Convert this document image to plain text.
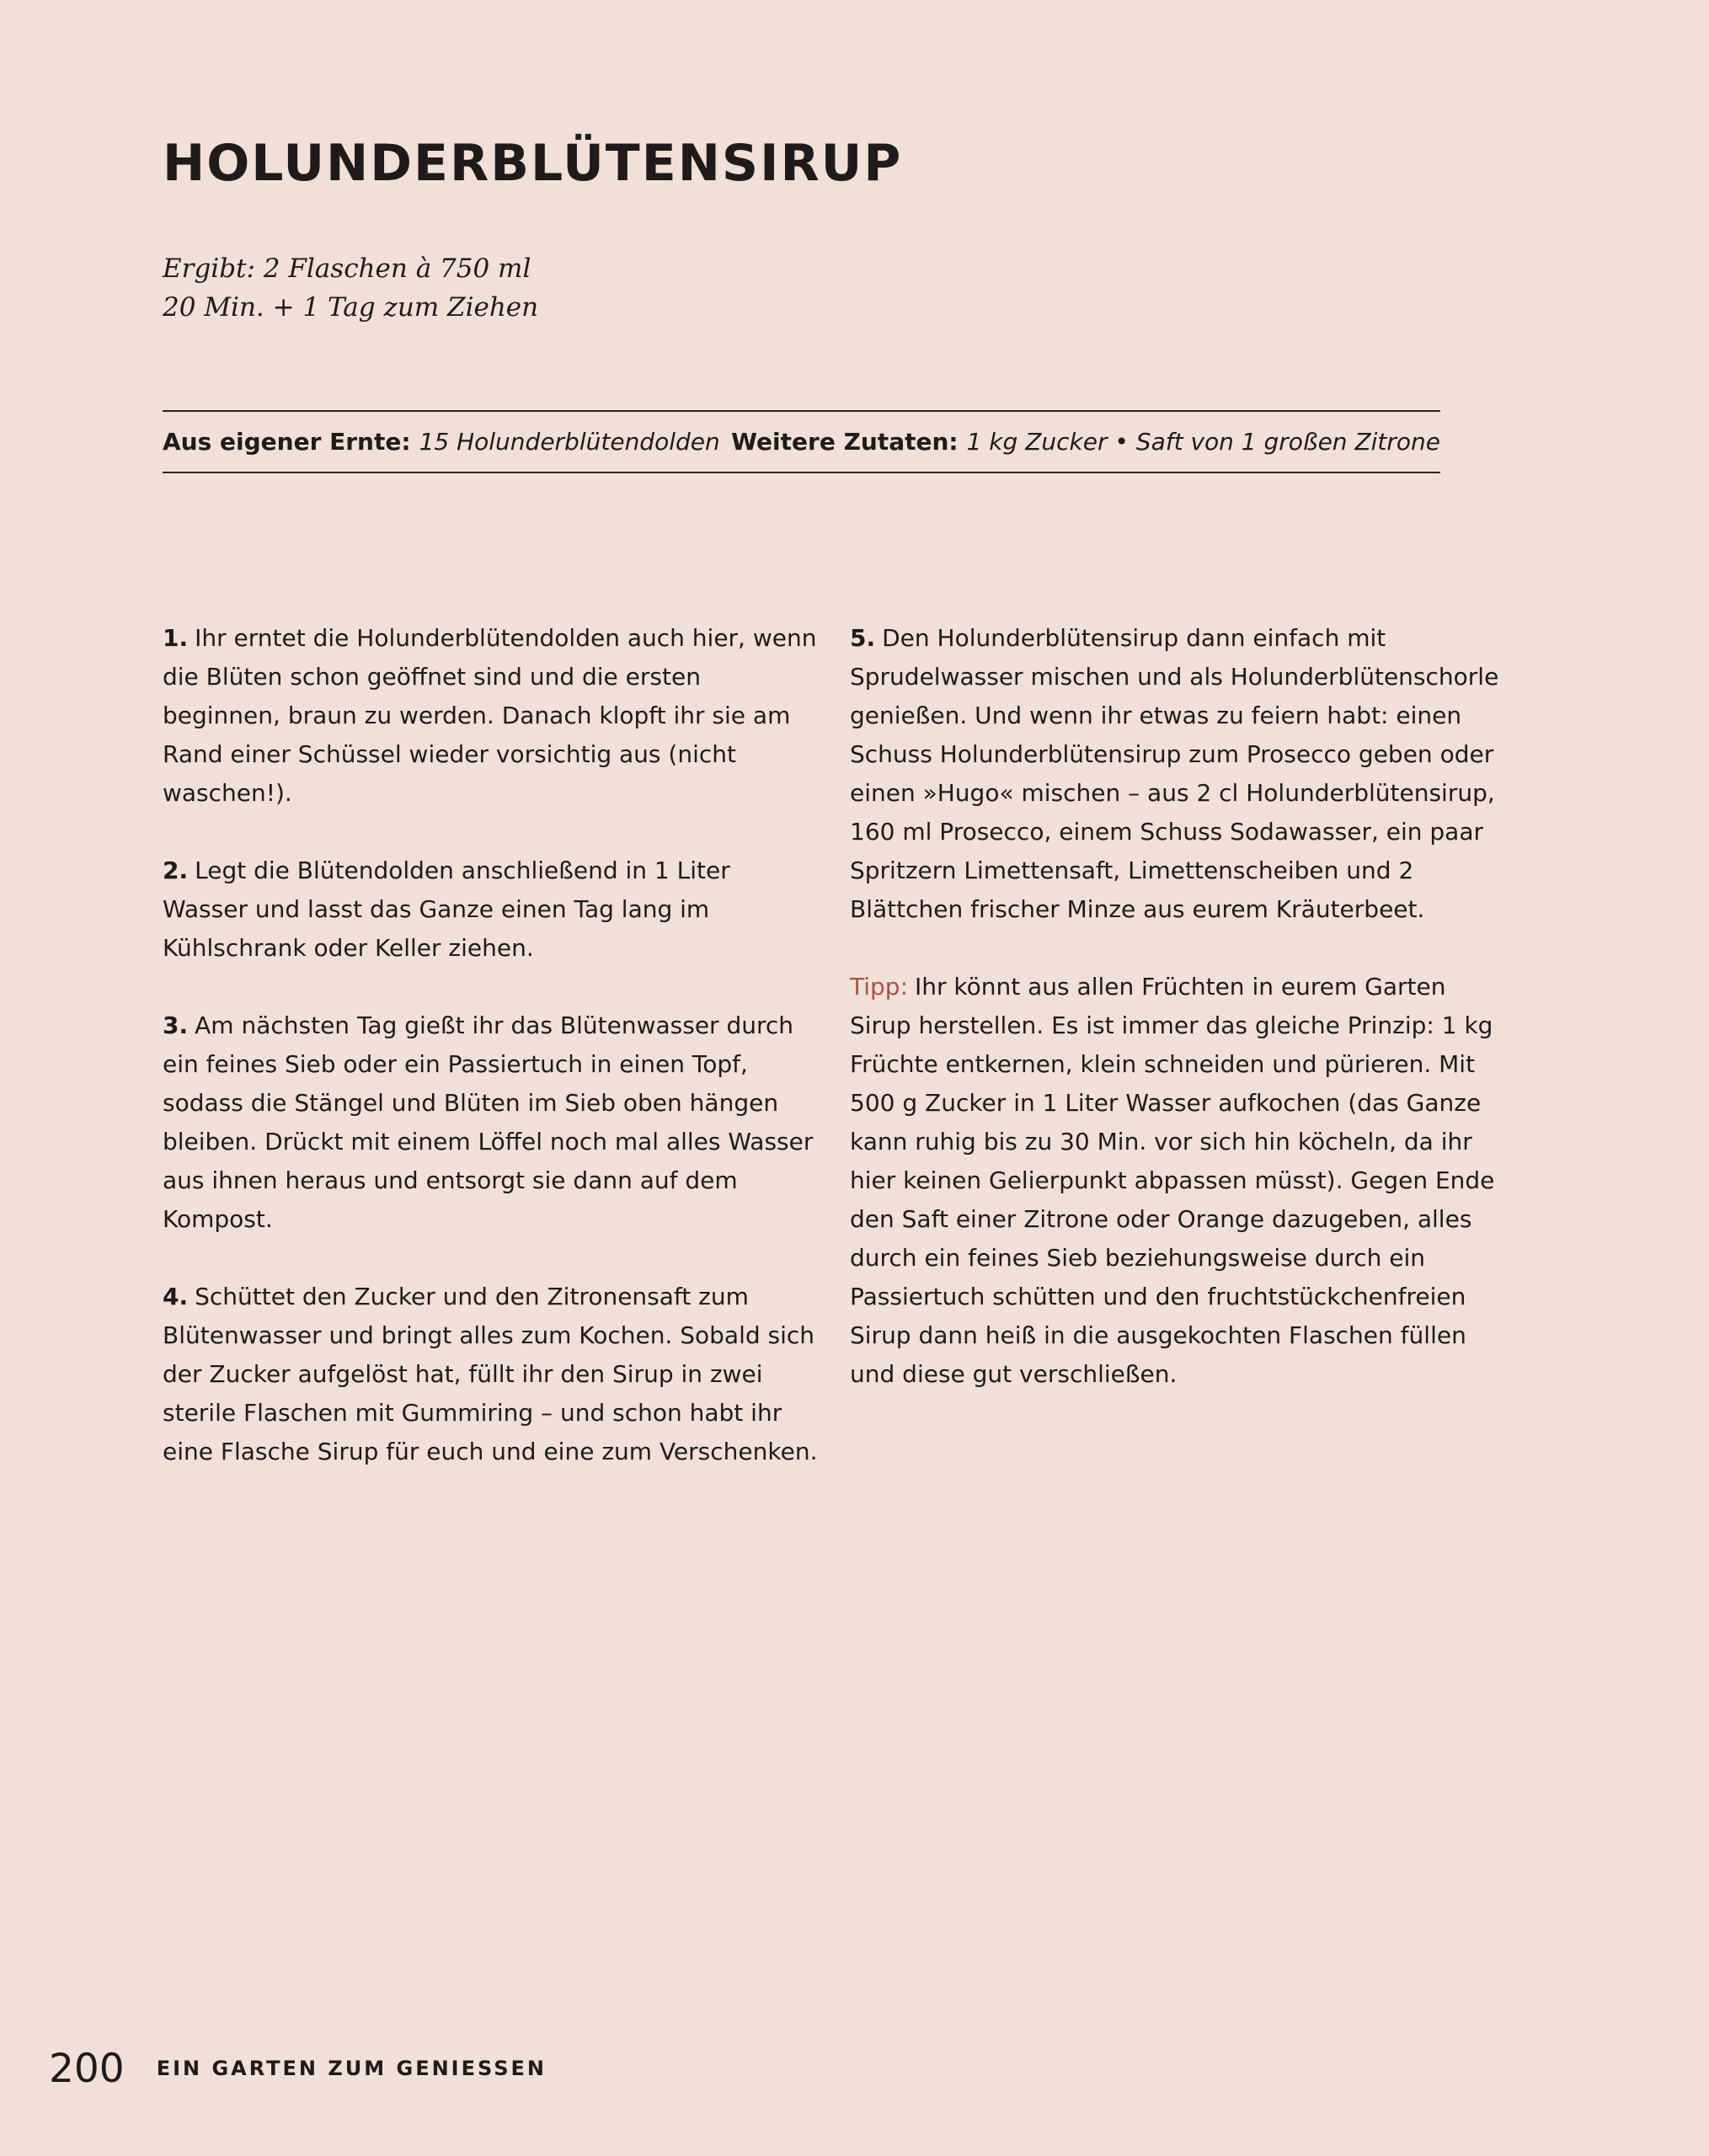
HOLUNDERBLÜTENSIRUP
Ergibt: 2 Flaschen à 750 ml
20 Min. + 1 Tag zum Ziehen
Aus eigener Ernte: 15 Holunderblütendolden Weitere Zutaten: 1 kg Zucker • Saft von 1 großen Zitrone

1. Ihr erntet die Holunderblütendolden auch hier, wenn die Blüten schon geöffnet sind und die ersten beginnen, braun zu werden. Danach klopft ihr sie am Rand einer Schüssel wieder vorsichtig aus (nicht waschen!).

2. Legt die Blütendolden anschließend in 1 Liter Wasser und lasst das Ganze einen Tag lang im Kühlschrank oder Keller ziehen.

3. Am nächsten Tag gießt ihr das Blütenwasser durch ein feines Sieb oder ein Passiertuch in einen Topf, sodass die Stängel und Blüten im Sieb oben hängen bleiben. Drückt mit einem Löffel noch mal alles Wasser aus ihnen heraus und entsorgt sie dann auf dem Kompost.

4. Schüttet den Zucker und den Zitronensaft zum Blütenwasser und bringt alles zum Kochen. Sobald sich der Zucker aufgelöst hat, füllt ihr den Sirup in zwei sterile Flaschen mit Gummiring – und schon habt ihr eine Flasche Sirup für euch und eine zum Verschenken.

5. Den Holunderblütensirup dann einfach mit Sprudelwasser mischen und als Holunderblütenschorle genießen. Und wenn ihr etwas zu feiern habt: einen Schuss Holunderblütensirup zum Prosecco geben oder einen »Hugo« mischen – aus 2 cl Holunderblütensirup, 160 ml Prosecco, einem Schuss Sodawasser, ein paar Spritzern Limettensaft, Limettenscheiben und 2 Blättchen frischer Minze aus eurem Kräuterbeet.

Tipp: Ihr könnt aus allen Früchten in eurem Garten Sirup herstellen. Es ist immer das gleiche Prinzip: 1 kg Früchte entkernen, klein schneiden und pürieren. Mit 500 g Zucker in 1 Liter Wasser aufkochen (das Ganze kann ruhig bis zu 30 Min. vor sich hin köcheln, da ihr hier keinen Gelierpunkt abpassen müsst). Gegen Ende den Saft einer Zitrone oder Orange dazugeben, alles durch ein feines Sieb beziehungsweise durch ein Passiertuch schütten und den fruchtstückchenfreien Sirup dann heiß in die ausgekochten Flaschen füllen und diese gut verschließen.

200 EIN GARTEN ZUM GENIESSEN
